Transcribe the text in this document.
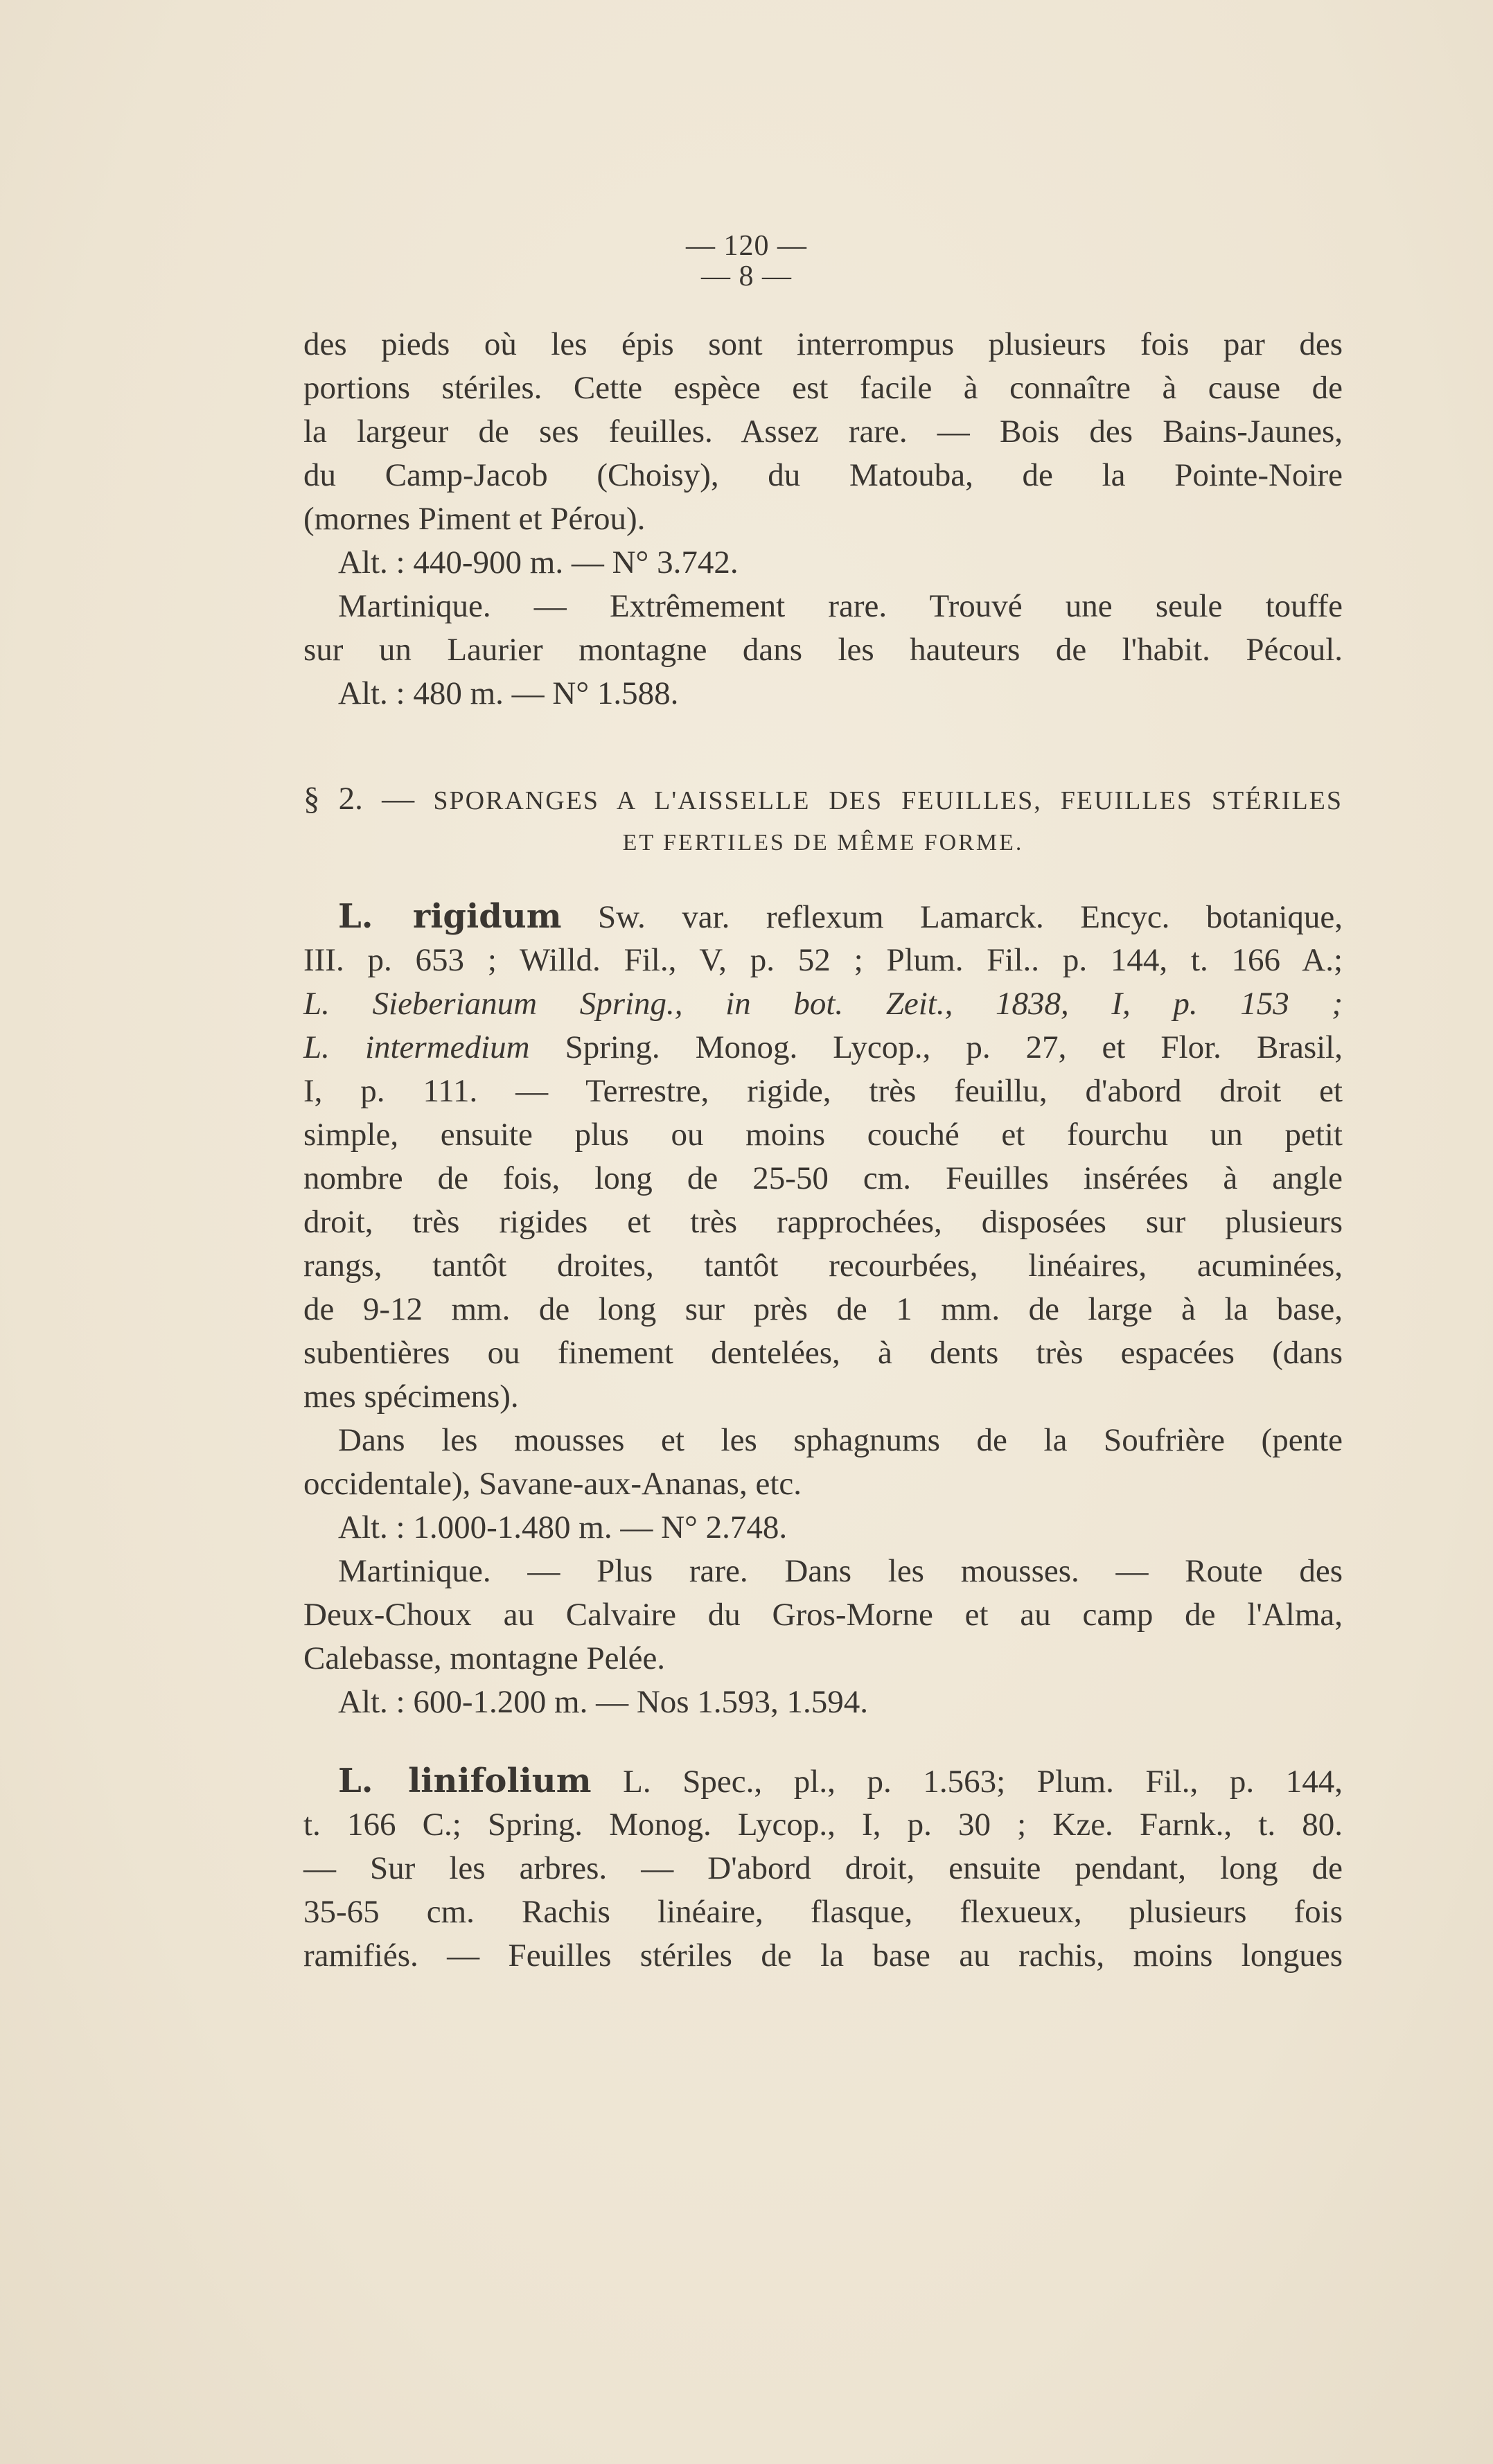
— 120 —
— 8 —
des pieds où les épis sont interrompus plusieurs fois par des
portions stériles. Cette espèce est facile à connaître à cause de
la largeur de ses feuilles. Assez rare. — Bois des Bains-Jaunes,
du Camp-Jacob (Choisy), du Matouba, de la Pointe-Noire
(mornes Piment et Pérou).
Alt. : 440-900 m. — N° 3.742.
Martinique. — Extrêmement rare. Trouvé une seule touffe
sur un Laurier montagne dans les hauteurs de l'habit. Pécoul.
Alt. : 480 m. — N° 1.588.
§ 2. — SPORANGES A L'AISSELLE DES FEUILLES, FEUILLES STÉRILES
ET FERTILES DE MÊME FORME.
L. rigidum Sw. var. reflexum Lamarck. Encyc. botanique,
III. p. 653 ; Willd. Fil., V, p. 52 ; Plum. Fil.. p. 144, t. 166 A.;
L. Sieberianum Spring., in bot. Zeit., 1838, I, p. 153 ;
L. intermedium Spring. Monog. Lycop., p. 27, et Flor. Brasil,
I, p. 111. — Terrestre, rigide, très feuillu, d'abord droit et
simple, ensuite plus ou moins couché et fourchu un petit
nombre de fois, long de 25-50 cm. Feuilles insérées à angle
droit, très rigides et très rapprochées, disposées sur plusieurs
rangs, tantôt droites, tantôt recourbées, linéaires, acuminées,
de 9-12 mm. de long sur près de 1 mm. de large à la base,
subentières ou finement dentelées, à dents très espacées (dans
mes spécimens).
Dans les mousses et les sphagnums de la Soufrière (pente
occidentale), Savane-aux-Ananas, etc.
Alt. : 1.000-1.480 m. — N° 2.748.
Martinique. — Plus rare. Dans les mousses. — Route des
Deux-Choux au Calvaire du Gros-Morne et au camp de l'Alma,
Calebasse, montagne Pelée.
Alt. : 600-1.200 m. — Nos 1.593, 1.594.
L. linifolium L. Spec., pl., p. 1.563; Plum. Fil., p. 144,
t. 166 C.; Spring. Monog. Lycop., I, p. 30 ; Kze. Farnk., t. 80.
— Sur les arbres. — D'abord droit, ensuite pendant, long de
35-65 cm. Rachis linéaire, flasque, flexueux, plusieurs fois
ramifiés. — Feuilles stériles de la base au rachis, moins longues
